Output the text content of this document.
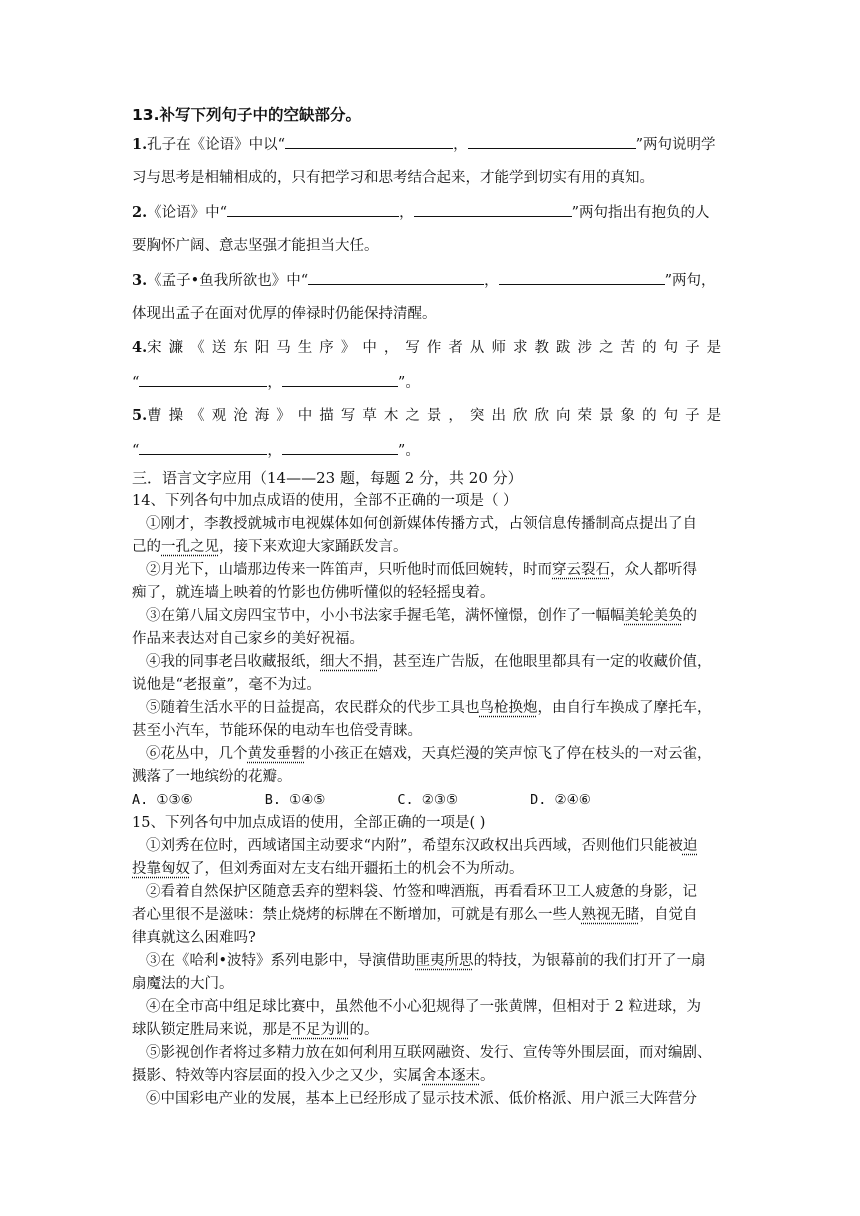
13.补写下列句子中的空缺部分。
1.孔子在《论语》中以“	，	”两句说明学
习与思考是相辅相成的，只有把学习和思考结合起来，才能学到切实有用的真知。
2.《论语》中“	，	”两句指出有抱负的人
要胸怀广阔、意志坚强才能担当大任。
3.《孟子•鱼我所欲也》中“	，	”两句，
体现出孟子在面对优厚的俸禄时仍能保持清醒。
4.宋濂《送东阳马生序》中，写作者从师求教跋涉之苦的句子是
“	，	”。
5.曹操《观沧海》中描写草木之景，突出欣欣向荣景象的句子是
“	，	”。
三．语言文字应用（14——23 题，每题 2 分，共 20 分）
14、下列各句中加点成语的使用，全部不正确的一项是（ ）
①刚才，李教授就城市电视媒体如何创新媒体传播方式，占领信息传播制高点提出了自
己的一孔之见，接下来欢迎大家踊跃发言。
②月光下，山墙那边传来一阵笛声，只听他时而低回婉转，时而穿云裂石，众人都听得
痴了，就连墙上映着的竹影也仿佛听懂似的轻轻摇曳着。
③在第八届文房四宝节中，小小书法家手握毛笔，满怀憧憬，创作了一幅幅美轮美奂的
作品来表达对自己家乡的美好祝福。
④我的同事老吕收藏报纸，细大不捐，甚至连广告版，在他眼里都具有一定的收藏价值，
说他是“老报童”，毫不为过。
⑤随着生活水平的日益提高，农民群众的代步工具也鸟枪换炮，由自行车换成了摩托车，
甚至小汽车，节能环保的电动车也倍受青睐。
⑥花丛中，几个黄发垂髫的小孩正在嬉戏，天真烂漫的笑声惊飞了停在枝头的一对云雀，
溅落了一地缤纷的花瓣。
A. ①③⑥	B. ①④⑤	C. ②③⑤	D. ②④⑥
15、下列各句中加点成语的使用，全部正确的一项是( )
①刘秀在位时，西域诸国主动要求“内附”，希望东汉政权出兵西域，否则他们只能被迫
投靠匈奴了，但刘秀面对左支右绌开疆拓土的机会不为所动。
②看着自然保护区随意丢弃的塑料袋、竹签和啤酒瓶，再看看环卫工人疲惫的身影，记
者心里很不是滋味：禁止烧烤的标牌在不断增加，可就是有那么一些人熟视无睹，自觉自
律真就这么困难吗?
③在《哈利•波特》系列电影中，导演借助匪夷所思的特技，为银幕前的我们打开了一扇
扇魔法的大门。
④在全市高中组足球比赛中，虽然他不小心犯规得了一张黄牌，但相对于 2 粒进球，为
球队锁定胜局来说，那是不足为训的。
⑤影视创作者将过多精力放在如何利用互联网融资、发行、宣传等外围层面，而对编剧、
摄影、特效等内容层面的投入少之又少，实属舍本逐末。
⑥中国彩电产业的发展，基本上已经形成了显示技术派、低价格派、用户派三大阵营分
